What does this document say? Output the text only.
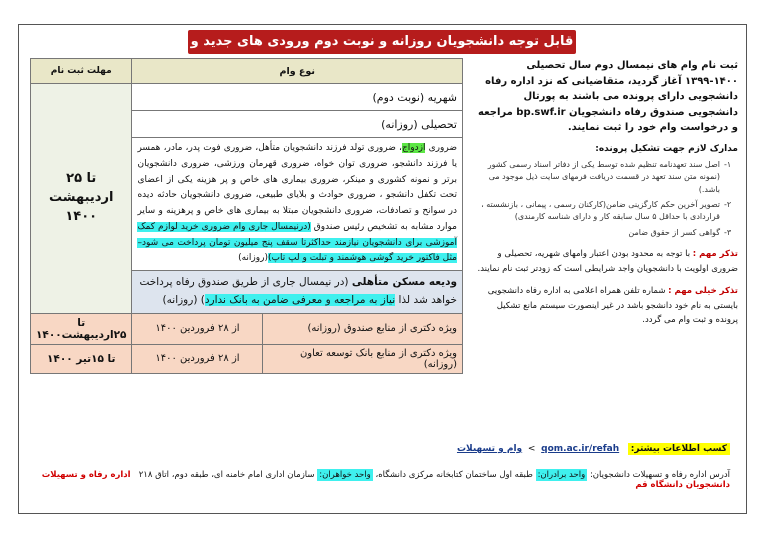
قابل توجه دانشجویان روزانه و نوبت دوم ورودی های جدید و
نوع وام		مهلت ثبت نام
شهریه (نوبت دوم)		تا ۲۵
اردیبهشت
۱۴۰۰

تحصیلی (روزانه)		
ضروری ازدواج، ضروری تولد فرزند دانشجویان متأهل، ضروری فوت پدر، مادر، همسر یا فرزند دانشجو، ضروری توان خواه، ضروری قهرمان ورزشی، ضروری دانشجویان برتر و نمونه کشوری و مینکر، ضروری بیماری های خاص و پر هزینه یکی از اعضای تحت تکفل دانشجو ، ضروری حوادث و بلایای طبیعی، ضروری دانشجویان حادثه دیده در سوانح و تصادفات، ضروری دانشجویان مبتلا به بیماری های خاص و پرهزینه و سایر موارد مشابه به تشخیص رئیس صندوق (درنیمسال جاری وام ضروری خرید لوازم کمک آموزشی برای دانشجویان نیازمند حداکثرتا سقف پنج میلیون تومان پرداخت می شود– مثل فاکتور خرید گوشی هوشمند و تبلت و لپ تاپ)(روزانه)		
ودیعه مسکن متأهلی (در نیمسال جاری از طریق صندوق رفاه پرداخت خواهد شد لذا نیاز به مراجعه و معرفی ضامن به بانک ندارد) (روزانه)		
ویژه دکتری از منابع صندوق (روزانه)	از ۲۸ فروردین ۱۴۰۰	تا ۲۵اردیبهشت۱۴۰۰
ویژه دکتری از منابع بانک توسعه تعاون (روزانه)	از ۲۸ فروردین ۱۴۰۰	تا ۱۵تیر ۱۴۰۰
ثبت نام وام های نیمسال دوم سال تحصیلی ۱۴۰۰-۱۳۹۹ آغاز گردید، متقاضیانی که نزد اداره رفاه دانشجویی دارای پرونده می باشند به پورتال دانشجویی صندوق رفاه دانشجویان bp.swf.ir مراجعه و درخواست وام خود را ثبت نمایند.
مدارک لازم جهت تشکیل پرونده:
۱-
اصل سند تعهدنامه تنظیم شده توسط یکی از دفاتر اسناد رسمی کشور (نمونه متن سند تعهد در قسمت دریافت فرمهای سایت ذیل موجود می باشد.)
۲-
تصویر آخرین حکم کارگزینی ضامن(کارکنان رسمی ، پیمانی ، بازنشسته ، قراردادی با حداقل ۵ سال سابقه کار و دارای شناسه کارمندی)
۳-
گواهی کسر از حقوق ضامن
تذکر مهم : با توجه به محدود بودن اعتبار وامهای شهریه، تحصیلی و ضروری اولویت با دانشجویان واجد شرایطی است که زودتر ثبت نام نمایند.
تذکر خیلی مهم : شماره تلفن همراه اعلامی به اداره رفاه دانشجویی بایستی به نام خود دانشجو باشد در غیر اینصورت سیستم مانع تشکیل پرونده و ثبت وام می گردد.
کسب اطلاعات بیشتر:   qom.ac.ir/refah  >  وام و تسهیلات
آدرس اداره رفاه و تسهیلات دانشجویان: واحد برادران: طبقه اول ساختمان کتابخانه مرکزی دانشگاه، واحد خواهران: سازمان اداری امام خامنه ای، طبقه دوم، اتاق ۲۱۸   اداره رفاه و تسهیلات دانشجویان دانشگاه قم
